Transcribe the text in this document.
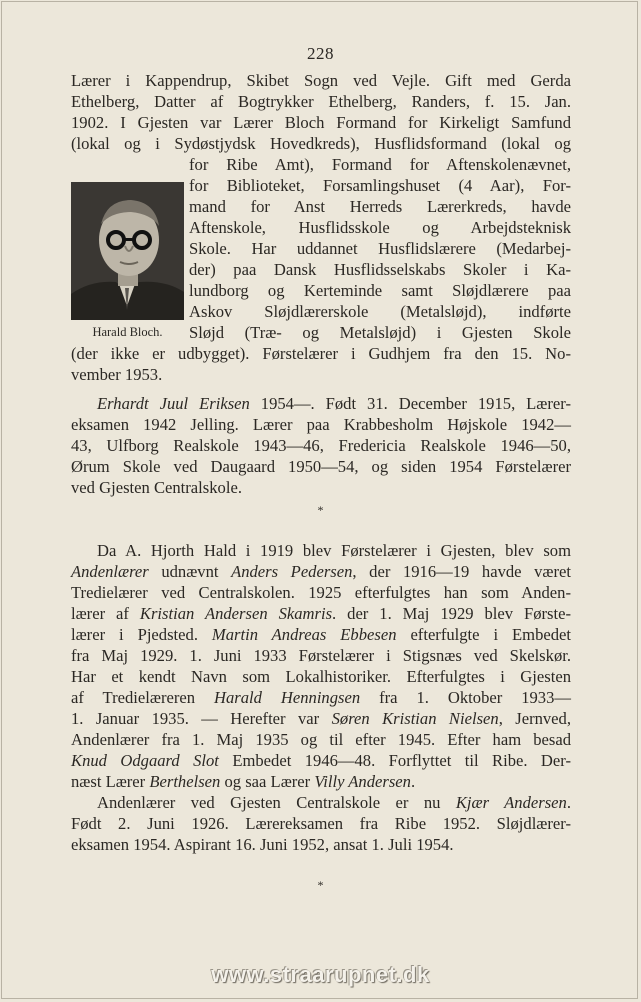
228
Lærer i Kappendrup, Skibet Sogn ved Vejle. Gift med Gerda
Ethelberg, Datter af Bogtrykker Ethelberg, Randers, f. 15. Jan.
1902. I Gjesten var Lærer Bloch Formand for Kirkeligt Samfund
(lokal og i Sydøstjydsk Hovedkreds), Husflidsformand (lokal og
for Ribe Amt), Formand for Aftenskolenævnet,
for Biblioteket, Forsamlingshuset (4 Aar), For-
mand for Anst Herreds Lærerkreds, havde
Aftenskole, Husflidsskole og Arbejdsteknisk
Skole. Har uddannet Husflidslærere (Medarbej-
der) paa Dansk Husflidsselskabs Skoler i Ka-
lundborg og Kerteminde samt Sløjdlærere paa
Askov Sløjdlærerskole (Metalsløjd), indførte
Sløjd (Træ- og Metalsløjd) i Gjesten Skole
(der ikke er udbygget). Førstelærer i Gudhjem fra den 15. No-
vember 1953.
Harald Bloch.
Erhardt Juul Eriksen 1954—. Født 31. December 1915, Lærer-
eksamen 1942 Jelling. Lærer paa Krabbesholm Højskole 1942—
43, Ulfborg Realskole 1943—46, Fredericia Realskole 1946—50,
Ørum Skole ved Daugaard 1950—54, og siden 1954 Førstelærer
ved Gjesten Centralskole.
*
Da A. Hjorth Hald i 1919 blev Førstelærer i Gjesten, blev som
Andenlærer udnævnt Anders Pedersen, der 1916—19 havde været
Tredielærer ved Centralskolen. 1925 efterfulgtes han som Anden-
lærer af Kristian Andersen Skamris. der 1. Maj 1929 blev Første-
lærer i Pjedsted. Martin Andreas Ebbesen efterfulgte i Embedet
fra Maj 1929. 1. Juni 1933 Førstelærer i Stigsnæs ved Skelskør.
Har et kendt Navn som Lokalhistoriker. Efterfulgtes i Gjesten
af Tredielæreren Harald Henningsen fra 1. Oktober 1933—
1. Januar 1935. — Herefter var Søren Kristian Nielsen, Jernved,
Andenlærer fra 1. Maj 1935 og til efter 1945. Efter ham besad
Knud Odgaard Slot Embedet 1946—48. Forflyttet til Ribe. Der-
næst Lærer Berthelsen og saa Lærer Villy Andersen.
Andenlærer ved Gjesten Centralskole er nu Kjær Andersen.
Født 2. Juni 1926. Lærereksamen fra Ribe 1952. Sløjdlærer-
eksamen 1954. Aspirant 16. Juni 1952, ansat 1. Juli 1954.
*
www.straarupnet.dk
